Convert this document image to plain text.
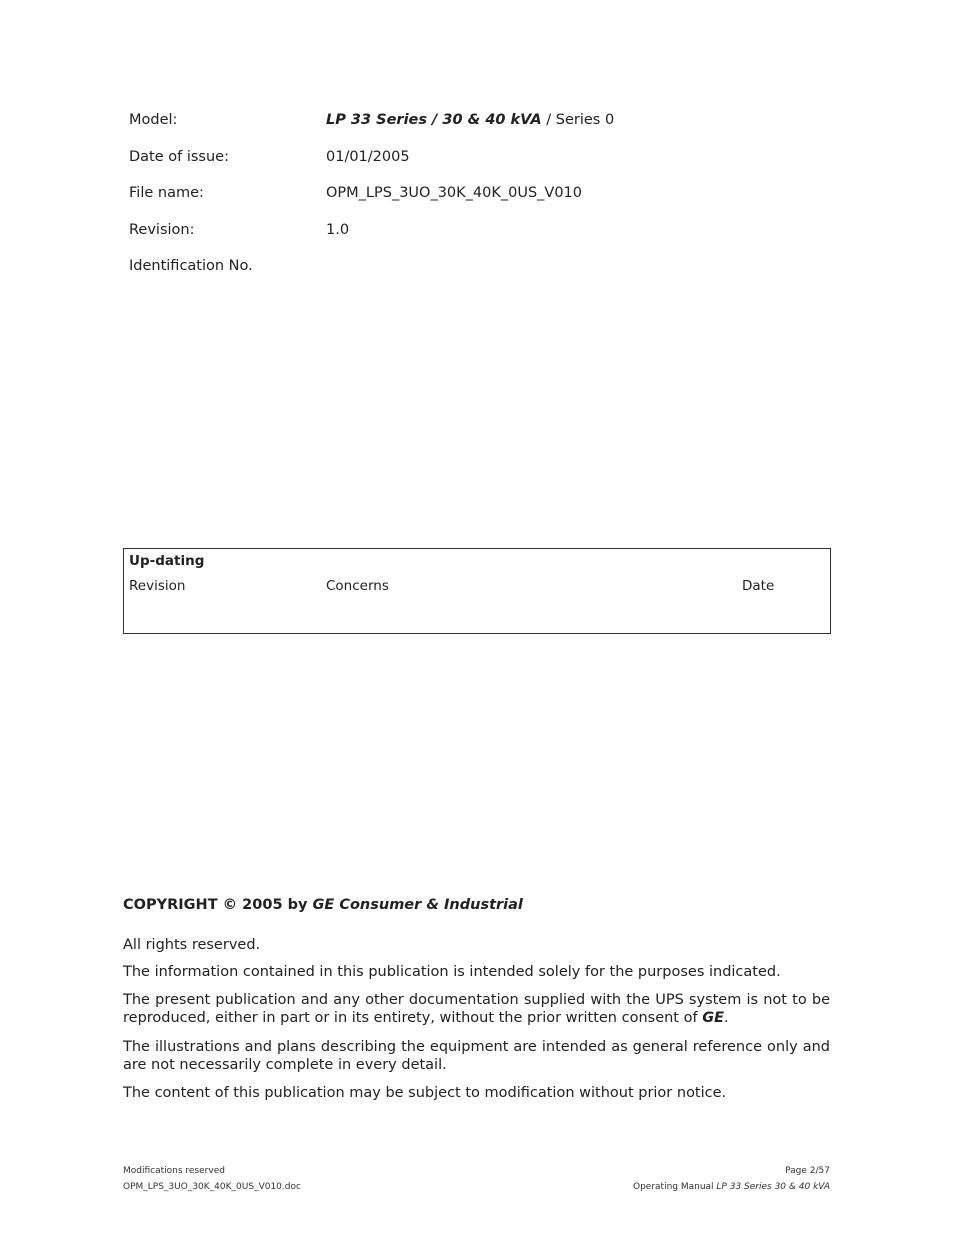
Model:	LP 33 Series / 30 & 40 kVA / Series 0
Date of issue:	01/01/2005
File name:	OPM_LPS_3UO_30K_40K_0US_V010
Revision:	1.0
Identification No.
Up-dating
Revision	Concerns	Date
COPYRIGHT © 2005 by GE Consumer & Industrial
All rights reserved.
The information contained in this publication is intended solely for the purposes indicated.
The present publication and any other documentation supplied with the UPS system is not to be reproduced, either in part or in its entirety, without the prior written consent of GE.
The illustrations and plans describing the equipment are intended as general reference only and are not necessarily complete in every detail.
The content of this publication may be subject to modification without prior notice.
Modifications reserved
OPM_LPS_3UO_30K_40K_0US_V010.doc
Page 2/57
Operating Manual LP 33 Series 30 & 40 kVA
